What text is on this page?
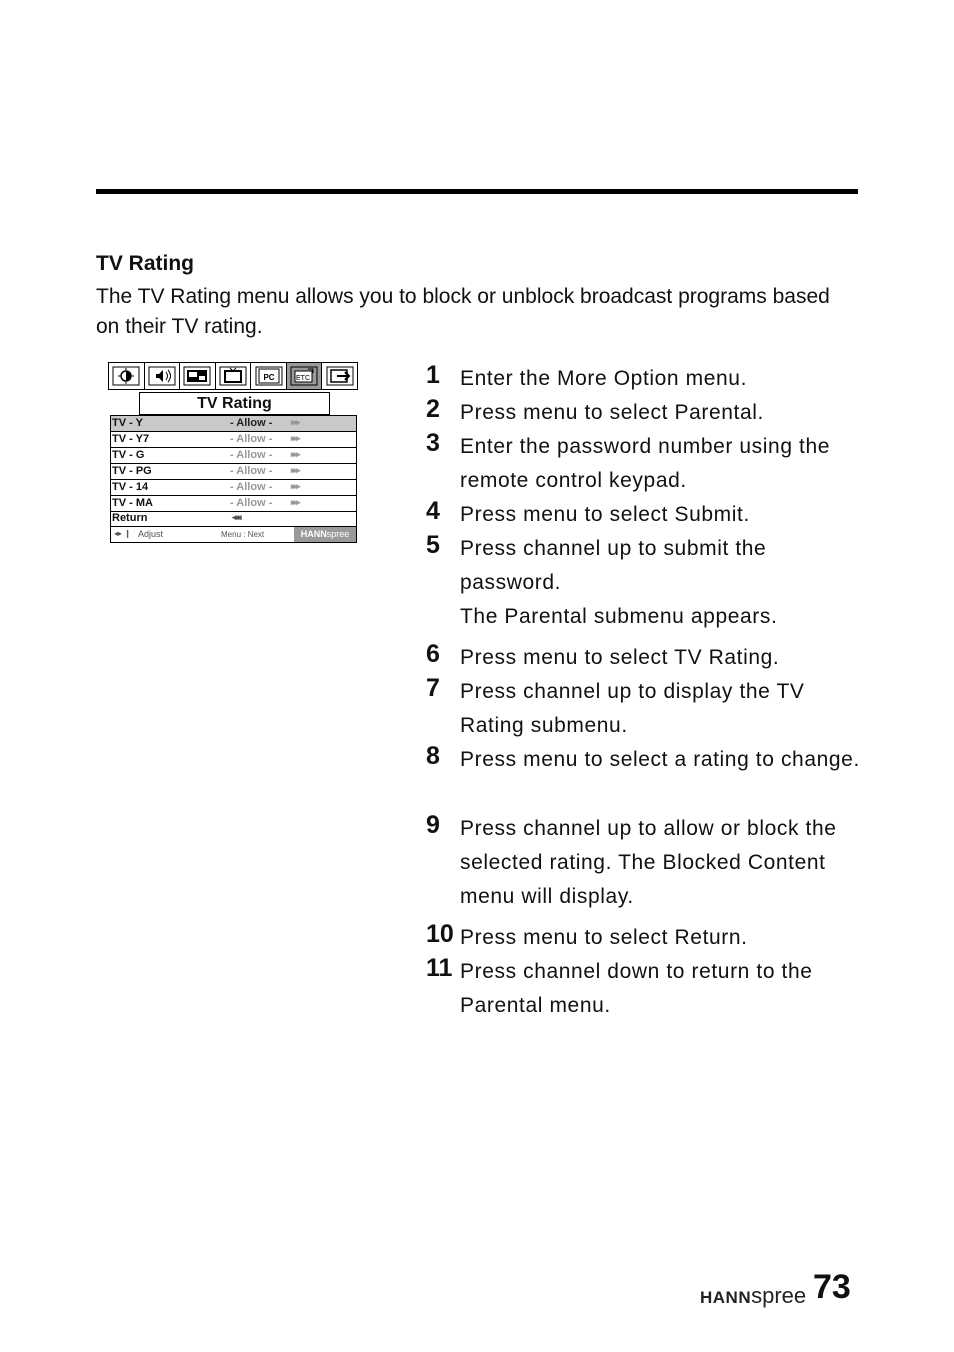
TV Rating
The TV Rating menu allows you to block or unblock broadcast programs based on their TV rating.
PC	ETC
TV Rating
TV - Y	- Allow - ▸▸▸
TV - Y7	- Allow - ▸▸▸
TV - G	- Allow - ▸▸▸
TV - PG	- Allow - ▸▸▸
TV - 14	- Allow - ▸▸▸
TV - MA	- Allow - ▸▸▸
Return	◂◂◂
◂▸ ❙ Adjust	Menu : Next	HANNspree
1 Enter the More Option menu.
2 Press menu to select Parental.
3 Enter the password number using the remote control keypad.
4 Press menu to select Submit.
5 Press channel up to submit the password.
The Parental submenu appears.
6 Press menu to select TV Rating.
7 Press channel up to display the TV Rating submenu.
8 Press menu to select a rating to change.
9 Press channel up to allow or block the selected rating. The Blocked Content menu will display.
10 Press menu to select Return.
11 Press channel down to return to the Parental menu.
HANNspree 73
